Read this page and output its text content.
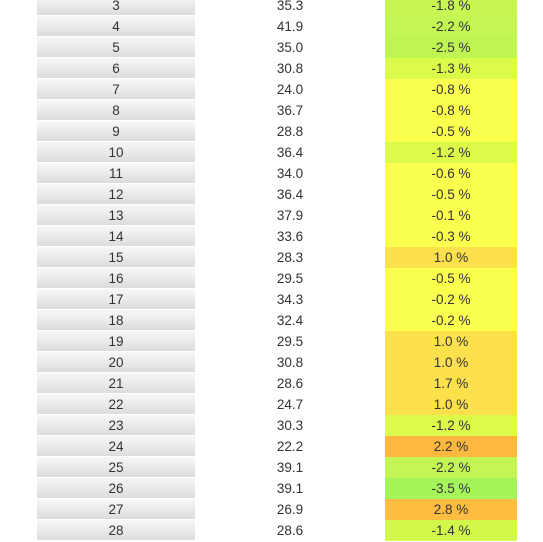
3	35.3	-1.8 %
4	41.9	-2.2 %
5	35.0	-2.5 %
6	30.8	-1.3 %
7	24.0	-0.8 %
8	36.7	-0.8 %
9	28.8	-0.5 %
10	36.4	-1.2 %
11	34.0	-0.6 %
12	36.4	-0.5 %
13	37.9	-0.1 %
14	33.6	-0.3 %
15	28.3	1.0 %
16	29.5	-0.5 %
17	34.3	-0.2 %
18	32.4	-0.2 %
19	29.5	1.0 %
20	30.8	1.0 %
21	28.6	1.7 %
22	24.7	1.0 %
23	30.3	-1.2 %
24	22.2	2.2 %
25	39.1	-2.2 %
26	39.1	-3.5 %
27	26.9	2.8 %
28	28.6	-1.4 %
